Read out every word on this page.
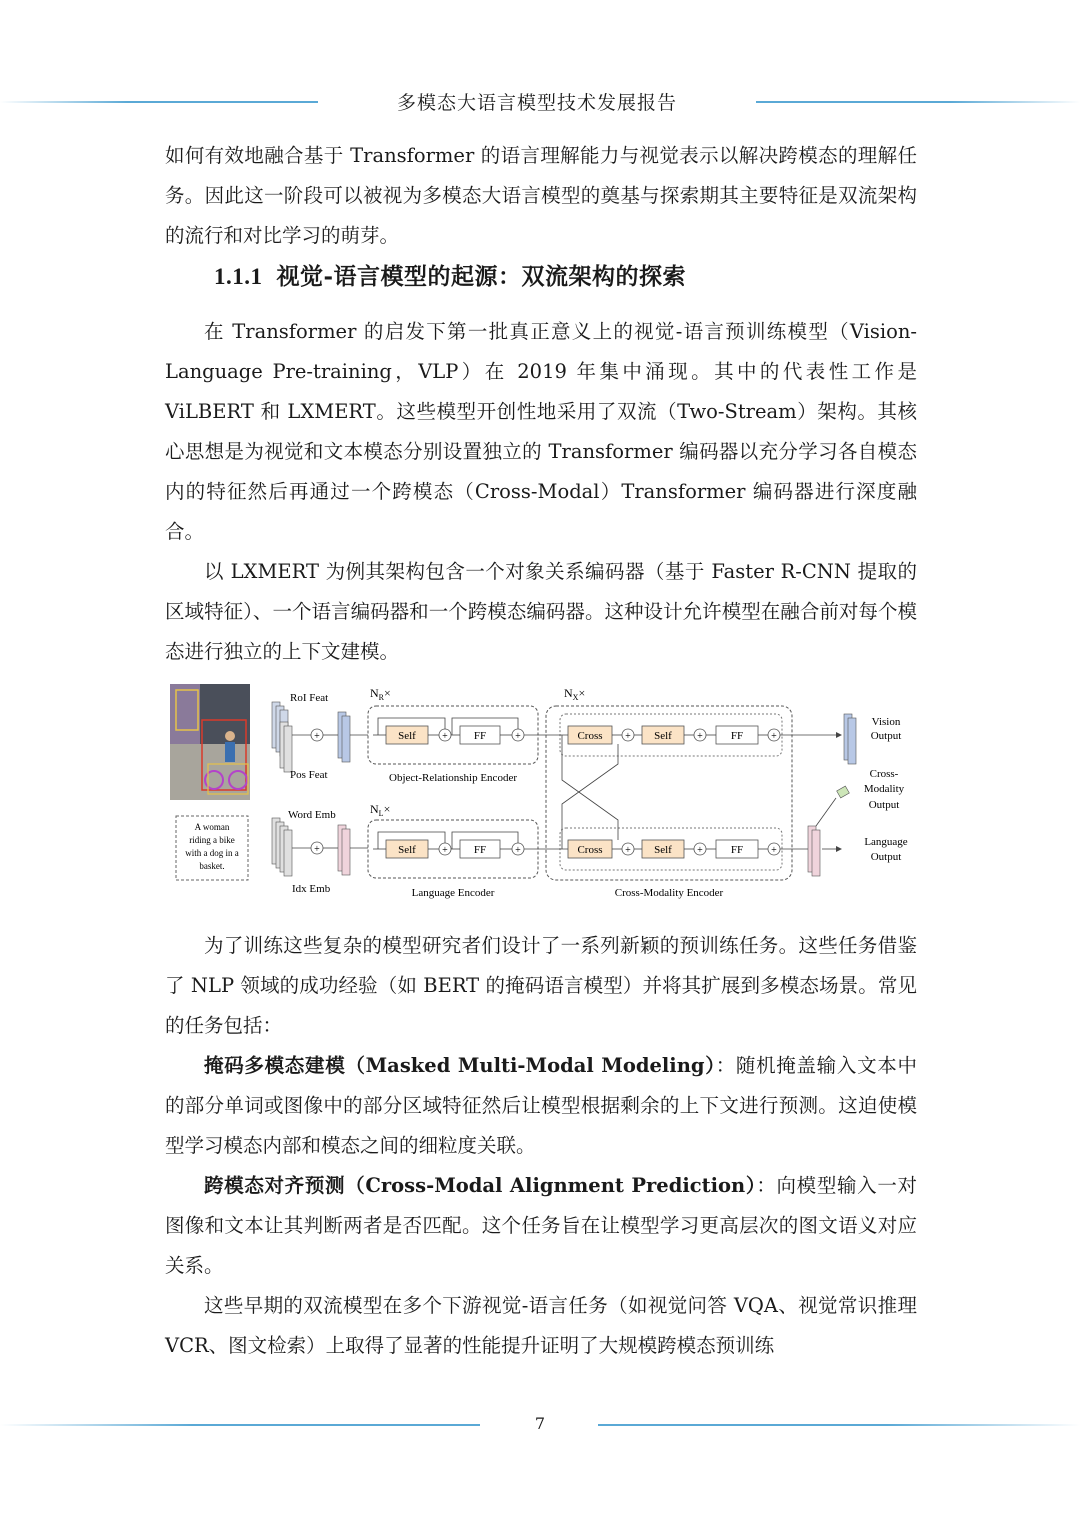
多模态大语言模型技术发展报告

如何有效地融合基于 Transformer 的语言理解能力与视觉表示以解决跨模态的理解任务。因此这一阶段可以被视为多模态大语言模型的奠基与探索期其主要特征是双流架构的流行和对比学习的萌芽。

1.1.1 视觉-语言模型的起源：双流架构的探索

在 Transformer 的启发下第一批真正意义上的视觉-语言预训练模型（Vision-Language Pre-training，VLP）在 2019 年集中涌现。其中的代表性工作是 ViLBERT 和 LXMERT。这些模型开创性地采用了双流（Two-Stream）架构。其核心思想是为视觉和文本模态分别设置独立的 Transformer 编码器以充分学习各自模态内的特征然后再通过一个跨模态（Cross-Modal）Transformer 编码器进行深度融合。

以 LXMERT 为例其架构包含一个对象关系编码器（基于 Faster R-CNN 提取的区域特征）、一个语言编码器和一个跨模态编码器。这种设计允许模型在融合前对每个模态进行独立的上下文建模。

A woman
riding a bike
with a dog in a
basket.
RoI Feat
Pos Feat
+
Word Emb
Idx Emb
+
$N_R\times$
Self	+ FF	+
Object-Relationship Encoder
$N_L\times$
Self	+ FF	+
Language Encoder
$N_X\times$
Cross + Self	+	FF	+
Cross + Self	+	FF	+
Cross-Modality Encoder
Vision
Output
Language
Output
Cross-
Modality
Output

为了训练这些复杂的模型研究者们设计了一系列新颖的预训练任务。这些任务借鉴了 NLP 领域的成功经验（如 BERT 的掩码语言模型）并将其扩展到多模态场景。常见的任务包括：

掩码多模态建模（Masked Multi-Modal Modeling）：随机掩盖输入文本中的部分单词或图像中的部分区域特征然后让模型根据剩余的上下文进行预测。这迫使模型学习模态内部和模态之间的细粒度关联。

跨模态对齐预测（Cross-Modal Alignment Prediction）：向模型输入一对图像和文本让其判断两者是否匹配。这个任务旨在让模型学习更高层次的图文语义对应关系。

这些早期的双流模型在多个下游视觉-语言任务（如视觉问答 VQA、视觉常识推理 VCR、图文检索）上取得了显著的性能提升证明了大规模跨模态预训练

7
